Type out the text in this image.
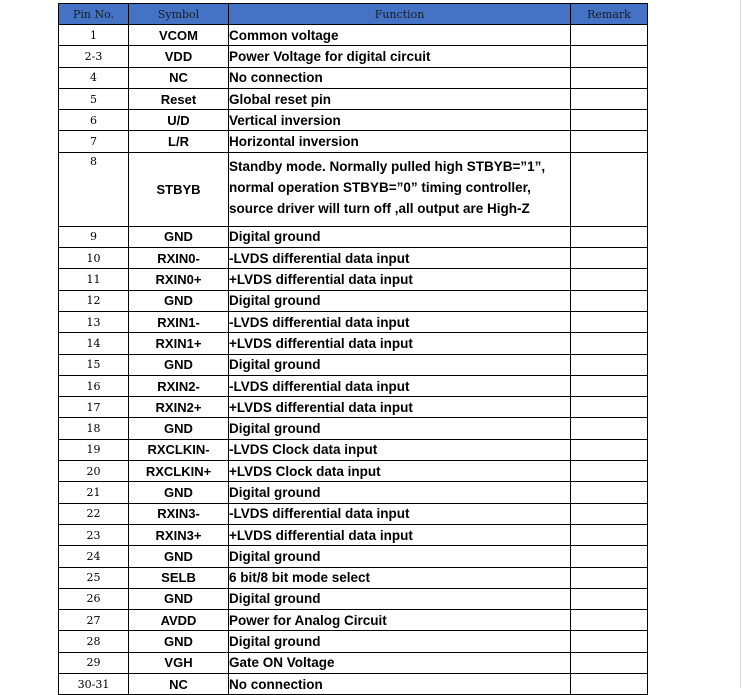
Pin No.	Symbol	Function	Remark
1	VCOM	Common voltage	
2-3	VDD	Power Voltage for digital circuit	
4	NC	No connection	
5	Reset	Global reset pin	
6	U/D	Vertical inversion	
7	L/R	Horizontal inversion	
8	STBYB	Standby mode. Normally pulled high STBYB=”1”, normal operation STBYB=”0” timing controller, source driver will turn off ,all output are High-Z	
9	GND	Digital ground	
10	RXIN0-	-LVDS differential data input	
11	RXIN0+	+LVDS differential data input	
12	GND	Digital ground	
13	RXIN1-	-LVDS differential data input	
14	RXIN1+	+LVDS differential data input	
15	GND	Digital ground	
16	RXIN2-	-LVDS differential data input	
17	RXIN2+	+LVDS differential data input	
18	GND	Digital ground	
19	RXCLKIN-	-LVDS Clock data input	
20	RXCLKIN+	+LVDS Clock data input	
21	GND	Digital ground	
22	RXIN3-	-LVDS differential data input	
23	RXIN3+	+LVDS differential data input	
24	GND	Digital ground	
25	SELB	6 bit/8 bit mode select	
26	GND	Digital ground	
27	AVDD	Power for Analog Circuit	
28	GND	Digital ground	
29	VGH	Gate ON Voltage	
30-31	NC	No connection	
